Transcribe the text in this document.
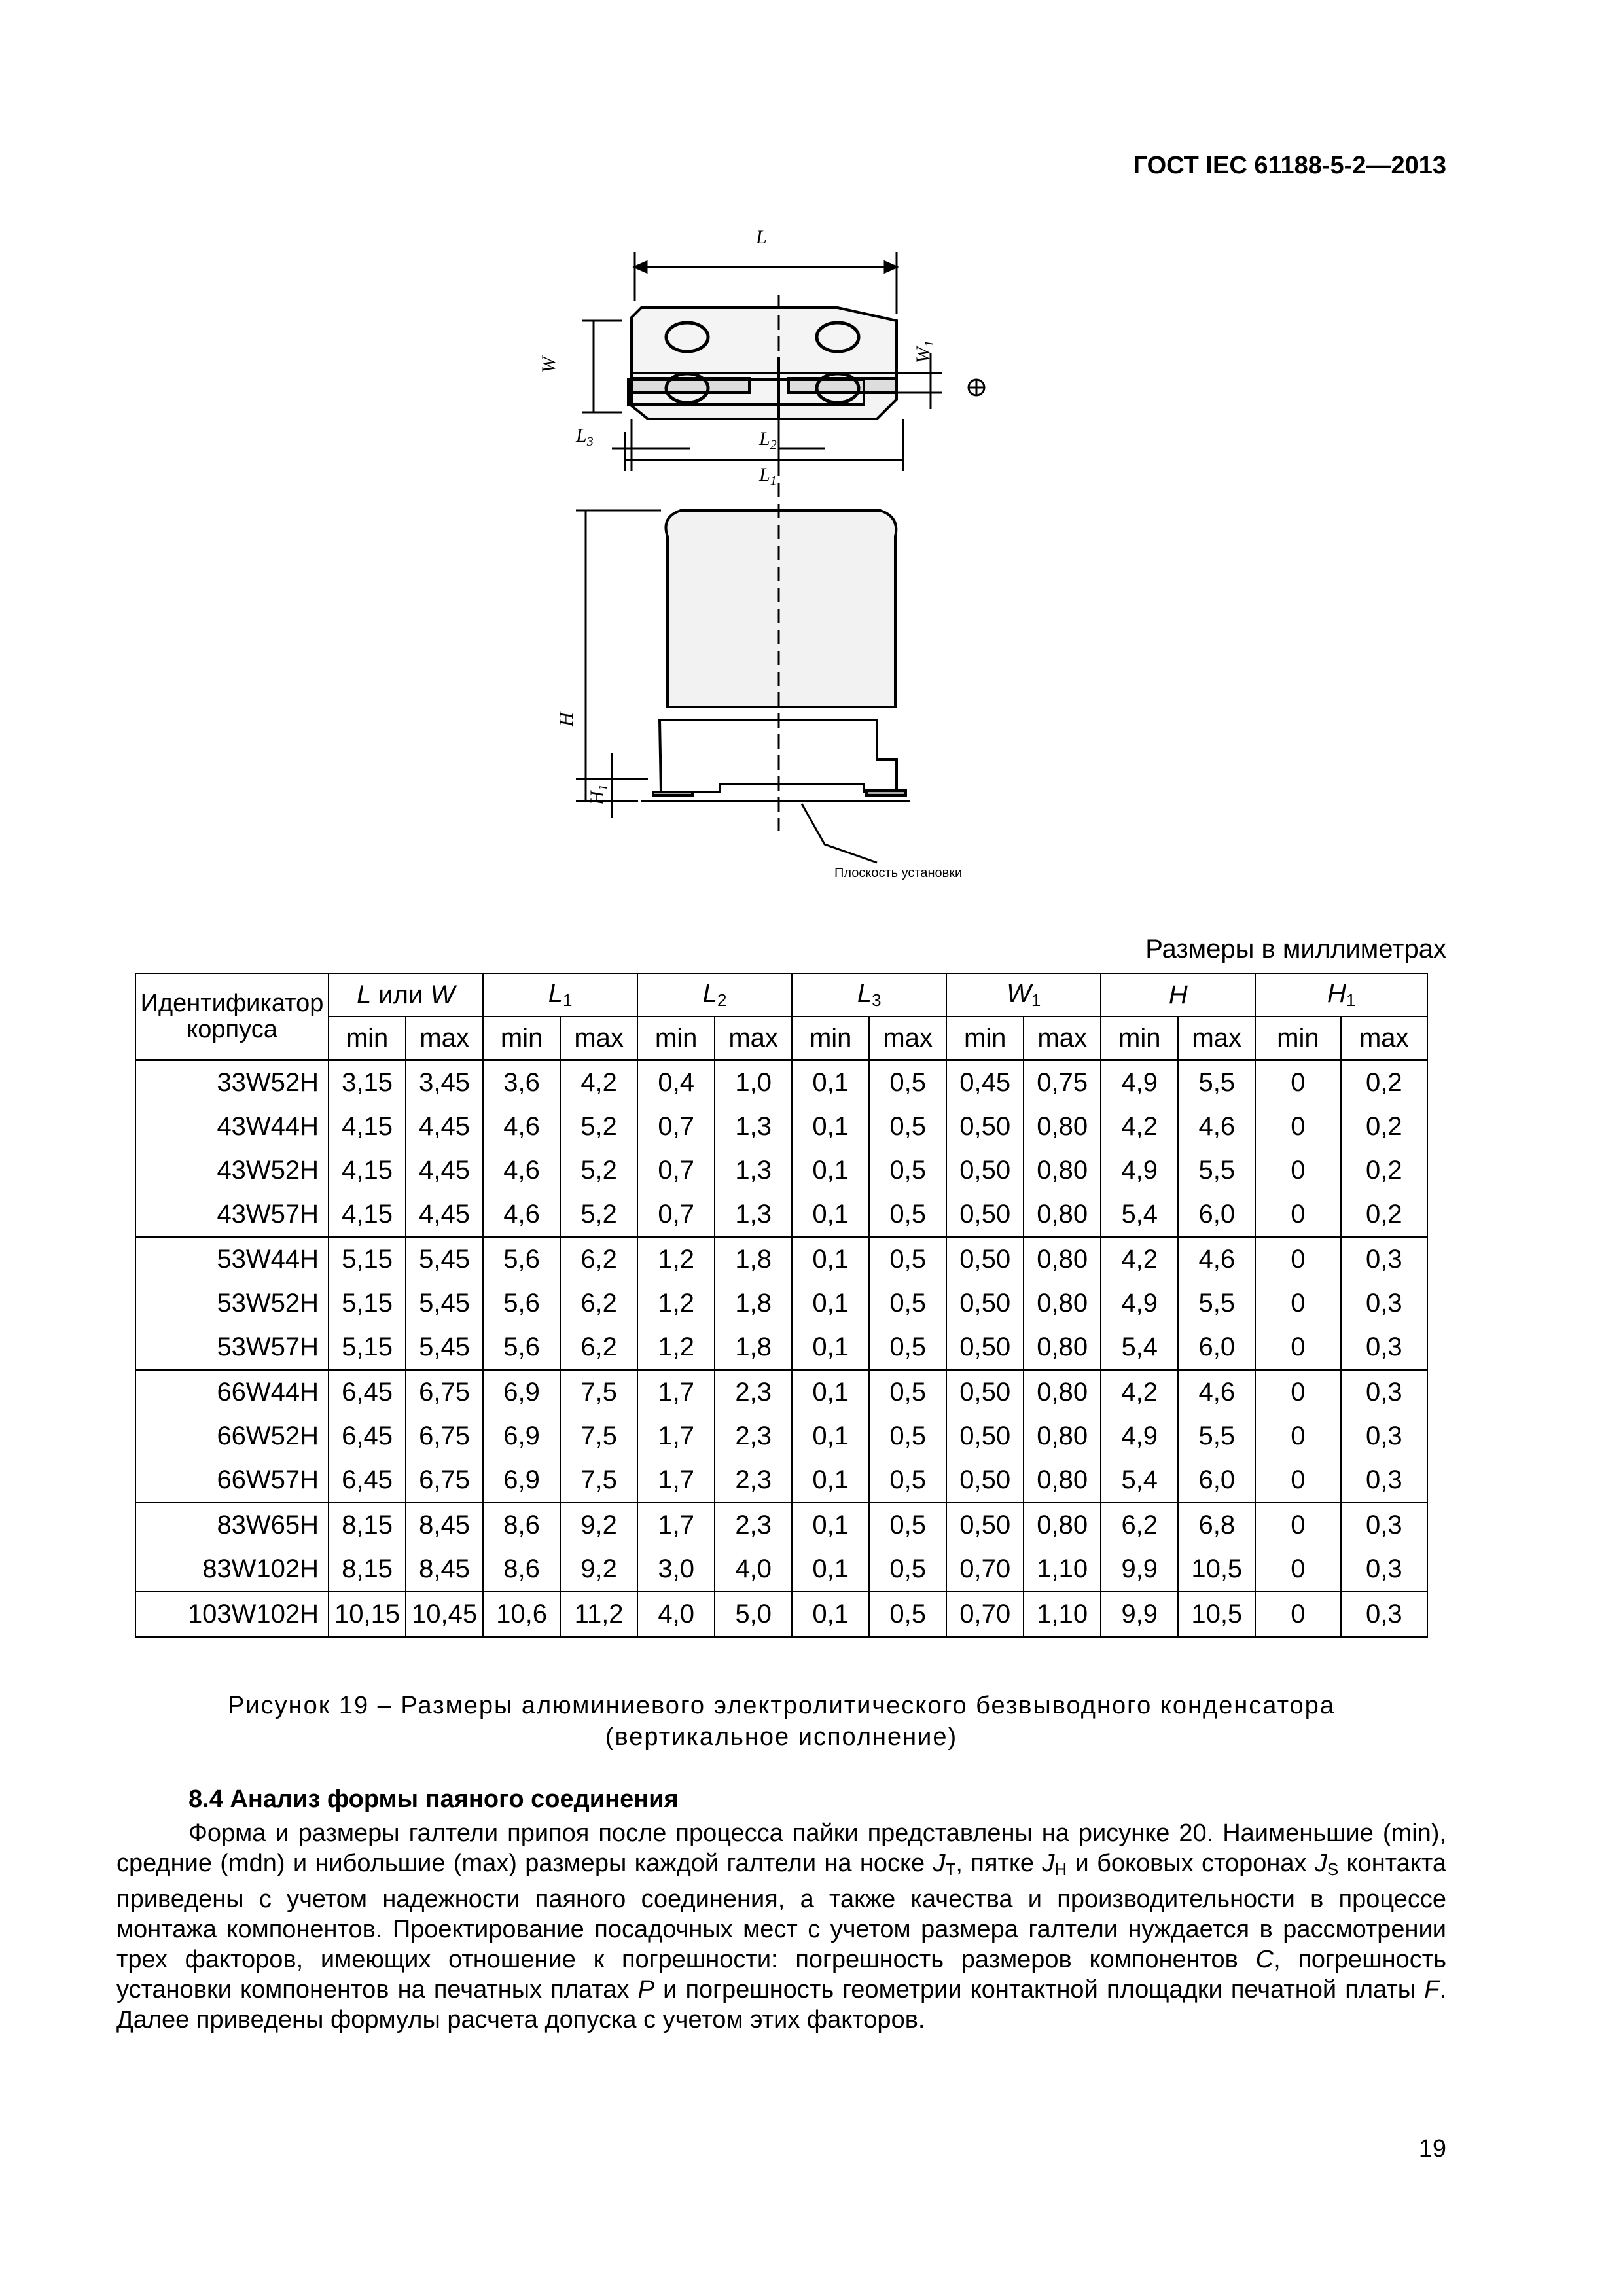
ГОСТ IEC 61188-5-2—2013
L
W
$W_1$
$L_3$	$L_2$
$L_1$
H
$H_1$
Плоскость установки
Размеры в миллиметрах
Идентификатор корпуса	L или W		$L_1$		$L_2$		$L_3$		$W_1$		H		$H_1$
	min	max	min	max	min	max	min	max	min	max	min	max	min	max
33W52H	3,15	3,45	3,6	4,2	0,4	1,0	0,1	0,5	0,45	0,75	4,9	5,5	0	0,2
43W44H	4,15	4,45	4,6	5,2	0,7	1,3	0,1	0,5	0,50	0,80	4,2	4,6	0	0,2
43W52H	4,15	4,45	4,6	5,2	0,7	1,3	0,1	0,5	0,50	0,80	4,9	5,5	0	0,2
43W57H	4,15	4,45	4,6	5,2	0,7	1,3	0,1	0,5	0,50	0,80	5,4	6,0	0	0,2
53W44H	5,15	5,45	5,6	6,2	1,2	1,8	0,1	0,5	0,50	0,80	4,2	4,6	0	0,3
53W52H	5,15	5,45	5,6	6,2	1,2	1,8	0,1	0,5	0,50	0,80	4,9	5,5	0	0,3
53W57H	5,15	5,45	5,6	6,2	1,2	1,8	0,1	0,5	0,50	0,80	5,4	6,0	0	0,3
66W44H	6,45	6,75	6,9	7,5	1,7	2,3	0,1	0,5	0,50	0,80	4,2	4,6	0	0,3
66W52H	6,45	6,75	6,9	7,5	1,7	2,3	0,1	0,5	0,50	0,80	4,9	5,5	0	0,3
66W57H	6,45	6,75	6,9	7,5	1,7	2,3	0,1	0,5	0,50	0,80	5,4	6,0	0	0,3
83W65H	8,15	8,45	8,6	9,2	1,7	2,3	0,1	0,5	0,50	0,80	6,2	6,8	0	0,3
83W102H	8,15	8,45	8,6	9,2	3,0	4,0	0,1	0,5	0,70	1,10	9,9	10,5	0	0,3
103W102H	10,15	10,45	10,6	11,2	4,0	5,0	0,1	0,5	0,70	1,10	9,9	10,5	0	0,3
Рисунок 19 – Размеры алюминиевого электролитического безвыводного конденсатора
(вертикальное исполнение)
8.4 Анализ формы паяного соединения
Форма и размеры галтели припоя после процесса пайки представлены на рисунке 20. Наименьшие (min), средние (mdn) и нибольшие (max) размеры каждой галтели на носке $J_T$, пятке $J_H$ и боковых сторонах $J_S$ контакта приведены с учетом надежности паяного соединения, а также качества и производительности в процессе монтажа компонентов. Проектирование посадочных мест с учетом размера галтели нуждается в рассмотрении трех факторов, имеющих отношение к погрешности: погрешность размеров компонентов C, погрешность установки компонентов на печатных платах P и погрешность геометрии контактной площадки печатной платы F. Далее приведены формулы расчета допуска с учетом этих факторов.
19
